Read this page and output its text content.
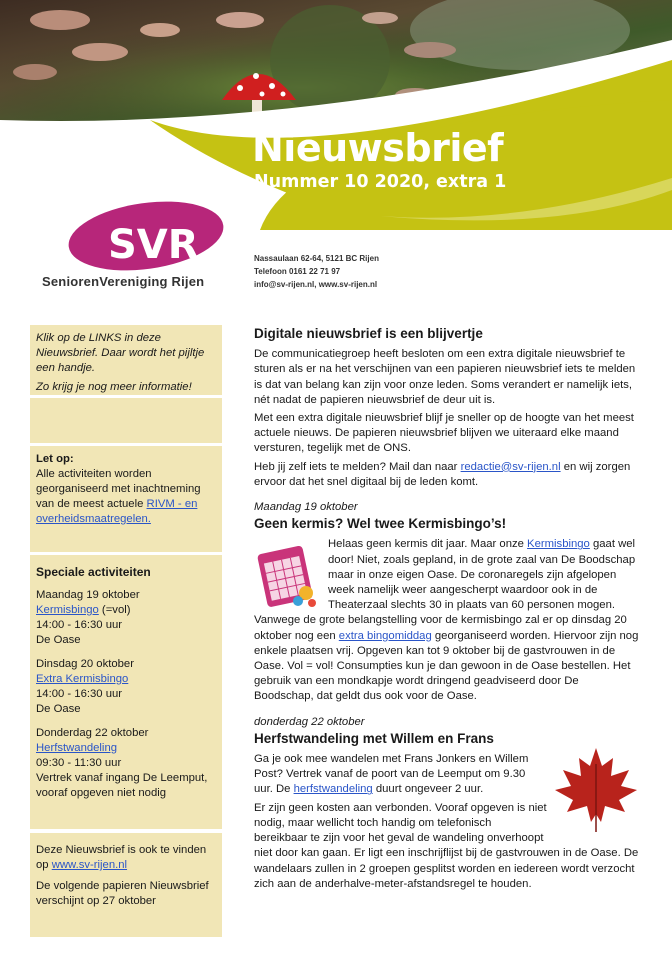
Nieuwsbrief
Nummer 10 2020, extra 1
SVR
SeniorenVereniging Rijen
Nassaulaan 62-64, 5121 BC Rijen
Telefoon 0161 22 71 97
info@sv-rijen.nl, www.sv-rijen.nl

Klik op de LINKS in deze Nieuwsbrief. Daar wordt het pijltje een handje.

Zo krijg je nog meer informatie!

Let op:
Alle activiteiten worden georganiseerd met inachtneming van de meest actuele RIVM - en overheidsmaatregelen.
Speciale activiteiten
Maandag 19 oktober
Kermisbingo (=vol)
14:00 - 16:30 uur
De Oase
Dinsdag 20 oktober
Extra Kermisbingo
14:00 - 16:30 uur
De Oase
Donderdag 22 oktober
Herfstwandeling
09:30 - 11:30 uur
Vertrek vanaf ingang De Leemput, vooraf opgeven niet nodig

Deze Nieuwsbrief is ook te vinden op www.sv-rijen.nl

De volgende papieren Nieuwsbrief verschijnt op 27 oktober

Digitale nieuwsbrief is een blijvertje

De communicatiegroep heeft besloten om een extra digitale nieuwsbrief te sturen als er na het verschijnen van een papieren nieuwsbrief iets te melden is dat van belang kan zijn voor onze leden. Soms verandert er namelijk iets, nét nadat de papieren nieuwsbrief de deur uit is.

Met een extra digitale nieuwsbrief blijf je sneller op de hoogte van het meest actuele nieuws. De papieren nieuwsbrief blijven we uiteraard elke maand versturen, tegelijk met de ONS.

Heb jij zelf iets te melden? Mail dan naar redactie@sv-rijen.nl en wij zorgen ervoor dat het snel digitaal bij de leden komt.

Maandag 19 oktober
Geen kermis? Wel twee Kermisbingo’s!

Helaas geen kermis dit jaar. Maar onze Kermisbingo gaat wel door! Niet, zoals gepland, in de grote zaal van De Boodschap maar in onze eigen Oase. De coronaregels zijn afgelopen week namelijk weer aangescherpt waardoor ook in de Theaterzaal slechts 30 in plaats van 60 personen mogen. Vanwege de grote belangstelling voor de kermisbingo zal er op dinsdag 20 oktober nog een extra bingomiddag georganiseerd worden. Hiervoor zijn nog enkele plaatsen vrij. Opgeven kan tot 9 oktober bij de gastvrouwen in de Oase. Vol = vol! Consumpties kun je dan gewoon in de Oase bestellen. Het gebruik van een mondkapje wordt dringend geadviseerd door De Boodschap, dat geldt dus ook voor de Oase.

donderdag 22 oktober
Herfstwandeling met Willem en Frans

Ga je ook mee wandelen met Frans Jonkers en Willem Post? Vertrek vanaf de poort van de Leemput om 9.30 uur. De herfstwandeling duurt ongeveer 2 uur.

Er zijn geen kosten aan verbonden. Vooraf opgeven is niet nodig, maar wellicht toch handig om telefonisch bereikbaar te zijn voor het geval de wandeling onverhoopt niet door kan gaan. Er ligt een inschrijflijst bij de gastvrouwen in de Oase. De wandelaars zullen in 2 groepen gesplitst worden en iedereen wordt verzocht zich aan de anderhalve-meter-afstandsregel te houden.
